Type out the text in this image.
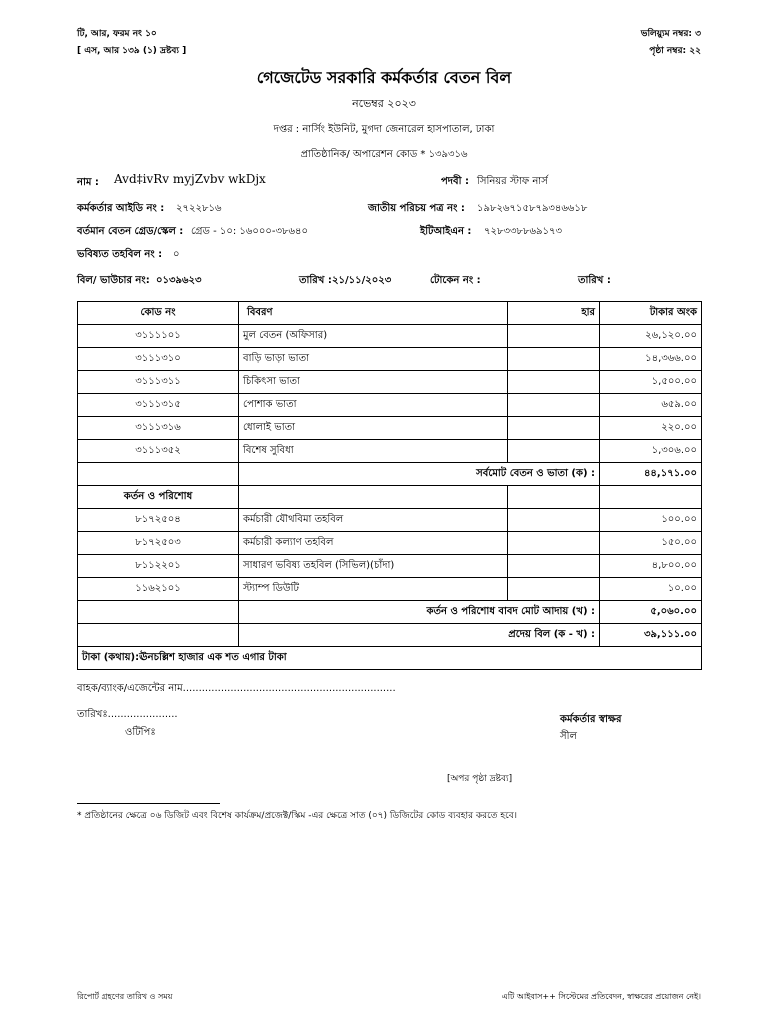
টি, আর, ফরম নং ১০
[ এস, আর ১৩৯ (১) দ্রষ্টব্য ]
ভলিয়্যুম নম্বর: ৩
পৃষ্ঠা নম্বর: ২২
গেজেটেড সরকারি কর্মকর্তার বেতন বিল
নভেম্বর ২০২৩
দপ্তর : নার্সিং ইউনিট, মুগদা জেনারেল হাসপাতাল, ঢাকা
প্রাতিষ্ঠানিক/ অপারেশন কোড * ১৩৯৩১৬
নাম : Avd‡ivRv myjZvbv wkDjx	পদবী : সিনিয়র স্টাফ নার্স
কর্মকর্তার আইডি নং : ২৭২২৮১৬	জাতীয় পরিচয় পত্র নং : ১৯৮২৬৭১৫৮৭৯৩৪৬৬১৮
বর্তমান বেতন গ্রেড/স্কেল : গ্রেড - ১০: ১৬০০০-৩৮৬৪০	ইটিআইএন : ৭২৮৩৩৮৮৬৯১৭৩
ভবিষ্যত তহবিল নং : ০
বিল/ ভাউচার নং: ০১৩৯৬২৩	তারিখ : ২১/১১/২০২৩	টোকেন নং :	তারিখ :
কোড নং	বিবরণ	হার	টাকার অংক
৩১১১১০১	মুল বেতন (অফিসার)		২৬,১২০.০০
৩১১১৩১০	বাড়ি ভাড়া ভাতা		১৪,৩৬৬.০০
৩১১১৩১১	চিকিৎসা ভাতা		১,৫০০.০০
৩১১১৩১৫	পোশাক ভাতা		৬৫৯.০০
৩১১১৩১৬	ধোলাই ভাতা		২২০.০০
৩১১১৩৫২	বিশেষ সুবিধা		১,৩০৬.০০
	সর্বমোট বেতন ও ভাতা (ক) :		৪৪,১৭১.০০
কর্তন ও পরিশোধ			
৮১৭২৫০৪	কর্মচারী যৌথবিমা তহবিল		১০০.০০
৮১৭২৫০৩	কর্মচারী কল্যাণ তহবিল		১৫০.০০
৮১১২২০১	সাধারণ ভবিষ্য তহবিল (সিভিল)(চাঁদা)		৪,৮০০.০০
১১৬২১০১	স্ট্যাম্প ডিউটি		১০.০০
	কর্তন ও পরিশোধ বাবদ মোট আদায় (খ) :		৫,০৬০.০০
	প্রদেয় বিল (ক - খ) :		৩৯,১১১.০০
টাকা (কথায়):ঊনচল্লিশ হাজার এক শত এগার টাকা			
বাহক/ব্যাংক/এজেন্টের নাম...................................................................
তারিখঃ......................
ওটিপিঃ
কর্মকর্তার স্বাক্ষর
সীল
[অপর পৃষ্ঠা দ্রষ্টব্য]
* প্রতিষ্ঠানের ক্ষেত্রে ০৬ ডিজিট এবং বিশেষ কার্যক্রম/প্রজেক্ট/স্কিম -এর ক্ষেত্রে সাত (০৭) ডিজিটের কোড ব্যবহার করতে হবে।
রিপোর্ট গ্রহণের তারিখ ও সময়	এটি আইবাস++ সিস্টেমের প্রতিবেদন, স্বাক্ষরের প্রয়োজন নেই।
